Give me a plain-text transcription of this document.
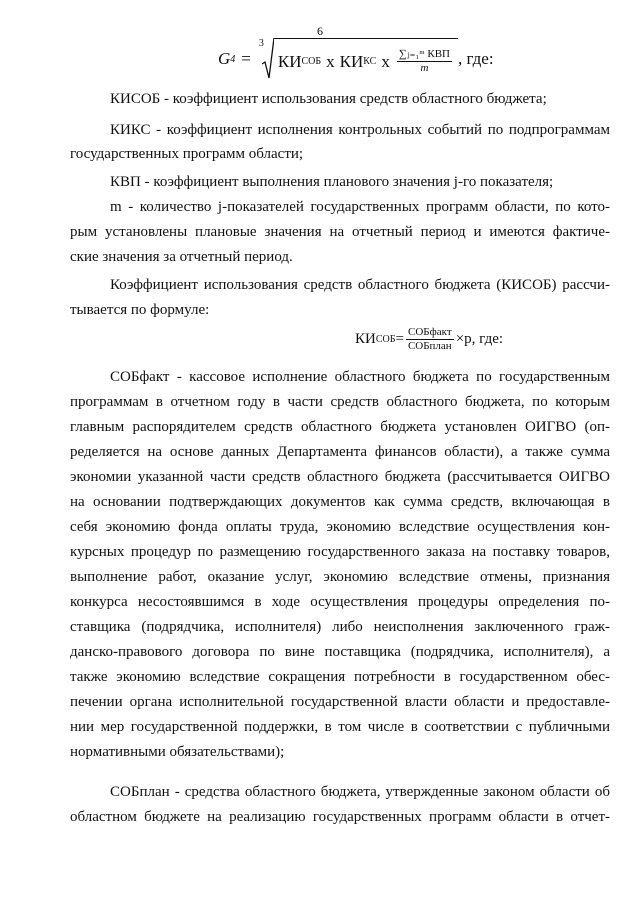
6
G 4 =
3
КИ СОБ x КИ КС x $\frac{\text{∑ⱼ₌₁ᵐ КВП}}{m}$ , где:
КИСОБ - коэффициент использования средств областного бюджета;
КИКС - коэффициент исполнения контрольных событий по подпрограммам
государственных программ области;
КВП - коэффициент выполнения планового значения j-го показателя;
m - количество j-показателей государственных программ области, по кото-
рым установлены плановые значения на отчетный период и имеются фактиче-
ские значения за отчетный период.
Коэффициент использования средств областного бюджета (КИСОБ) рассчи-
тывается по формуле:
КИ СОБ = $\frac{\text{СОБфакт}}{\text{СОБплан}} \times р$, где:
СОБфакт - кассовое исполнение областного бюджета по государственным
программам в отчетном году в части средств областного бюджета, по которым
главным распорядителем средств областного бюджета установлен ОИГВО (оп-
ределяется на основе данных Департамента финансов области), а также сумма
экономии указанной части средств областного бюджета (рассчитывается ОИГВО
на основании подтверждающих документов как сумма средств, включающая в
себя экономию фонда оплаты труда, экономию вследствие осуществления кон-
курсных процедур по размещению государственного заказа на поставку товаров,
выполнение работ, оказание услуг, экономию вследствие отмены, признания
конкурса несостоявшимся в ходе осуществления процедуры определения по-
ставщика (подрядчика, исполнителя) либо неисполнения заключенного граж-
данско-правового договора по вине поставщика (подрядчика, исполнителя), а
также экономию вследствие сокращения потребности в государственном обес-
печении органа исполнительной государственной власти области и предоставле-
нии мер государственной поддержки, в том числе в соответствии с публичными
нормативными обязательствами);
СОБплан - средства областного бюджета, утвержденные законом области об
областном бюджете на реализацию государственных программ области в отчет-
